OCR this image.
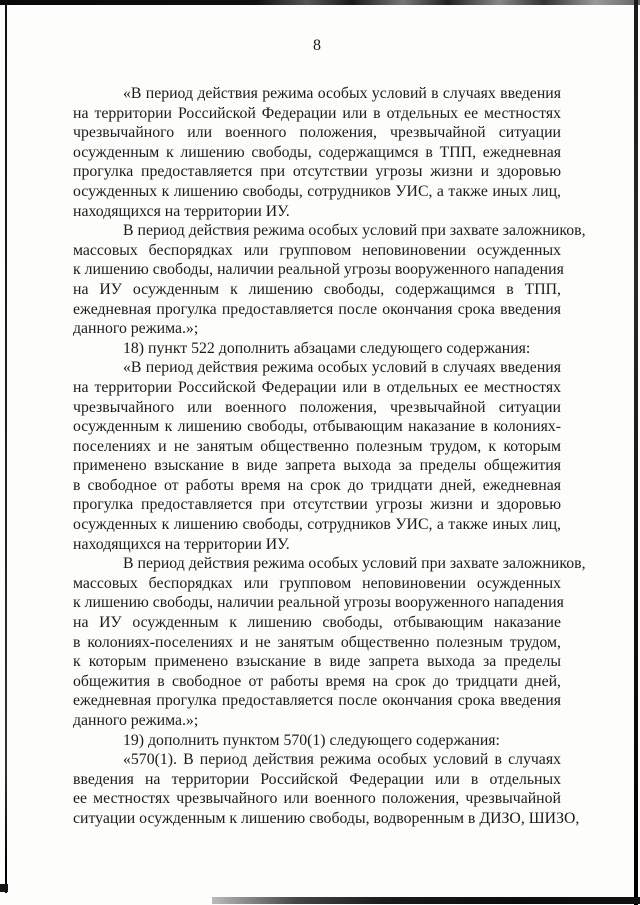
8
«В период действия режима особых условий в случаях введения
на территории Российской Федерации или в отдельных ее местностях
чрезвычайного или военного положения, чрезвычайной ситуации
осужденным к лишению свободы, содержащимся в ТПП, ежедневная
прогулка предоставляется при отсутствии угрозы жизни и здоровью
осужденных к лишению свободы, сотрудников УИС, а также иных лиц,
находящихся на территории ИУ.
В период действия режима особых условий при захвате заложников,
массовых беспорядках или групповом неповиновении осужденных
к лишению свободы, наличии реальной угрозы вооруженного нападения
на ИУ осужденным к лишению свободы, содержащимся в ТПП,
ежедневная прогулка предоставляется после окончания срока введения
данного режима.»;
18) пункт 522 дополнить абзацами следующего содержания:
«В период действия режима особых условий в случаях введения
на территории Российской Федерации или в отдельных ее местностях
чрезвычайного или военного положения, чрезвычайной ситуации
осужденным к лишению свободы, отбывающим наказание в колониях-
поселениях и не занятым общественно полезным трудом, к которым
применено взыскание в виде запрета выхода за пределы общежития
в свободное от работы время на срок до тридцати дней, ежедневная
прогулка предоставляется при отсутствии угрозы жизни и здоровью
осужденных к лишению свободы, сотрудников УИС, а также иных лиц,
находящихся на территории ИУ.
В период действия режима особых условий при захвате заложников,
массовых беспорядках или групповом неповиновении осужденных
к лишению свободы, наличии реальной угрозы вооруженного нападения
на ИУ осужденным к лишению свободы, отбывающим наказание
в колониях-поселениях и не занятым общественно полезным трудом,
к которым применено взыскание в виде запрета выхода за пределы
общежития в свободное от работы время на срок до тридцати дней,
ежедневная прогулка предоставляется после окончания срока введения
данного режима.»;
19) дополнить пунктом 570(1) следующего содержания:
«570(1). В период действия режима особых условий в случаях
введения на территории Российской Федерации или в отдельных
ее местностях чрезвычайного или военного положения, чрезвычайной
ситуации осужденным к лишению свободы, водворенным в ДИЗО, ШИЗО,
